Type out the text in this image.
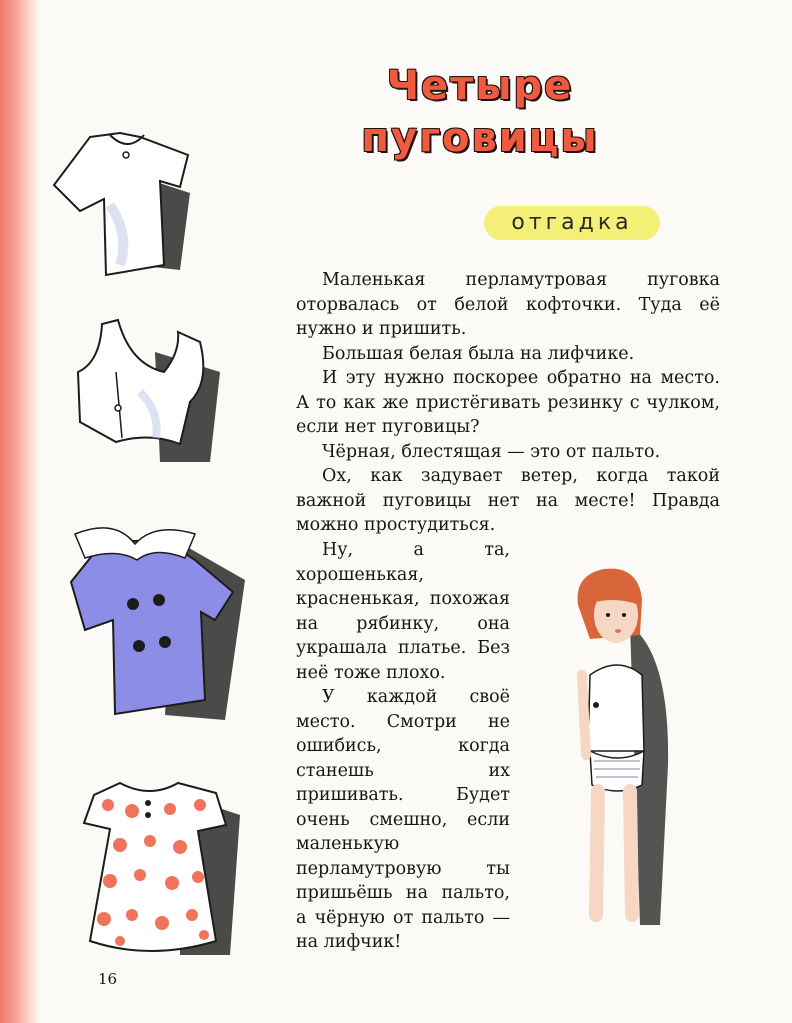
Четыре пуговицы
отгадка

Маленькая перламутровая пуговка оторвалась от белой кофточки. Туда её нужно и пришить.

Большая белая была на лифчике.

И эту нужно поскорее обратно на место. А то как же пристёгивать резинку с чулком, если нет пуговицы?

Чёрная, блестящая — это от пальто.

Ох, как задувает ветер, когда такой важной пуговицы нет на месте! Правда можно простудиться.

Ну, а та, хорошенькая, красненькая, похожая на рябинку, она украшала платье. Без неё тоже плохо.

У каждой своё место. Смотри не ошибись, когда станешь их пришивать. Будет очень смешно, если маленькую перламутровую ты пришьёшь на пальто, а чёрную от пальто — на лифчик!

16
